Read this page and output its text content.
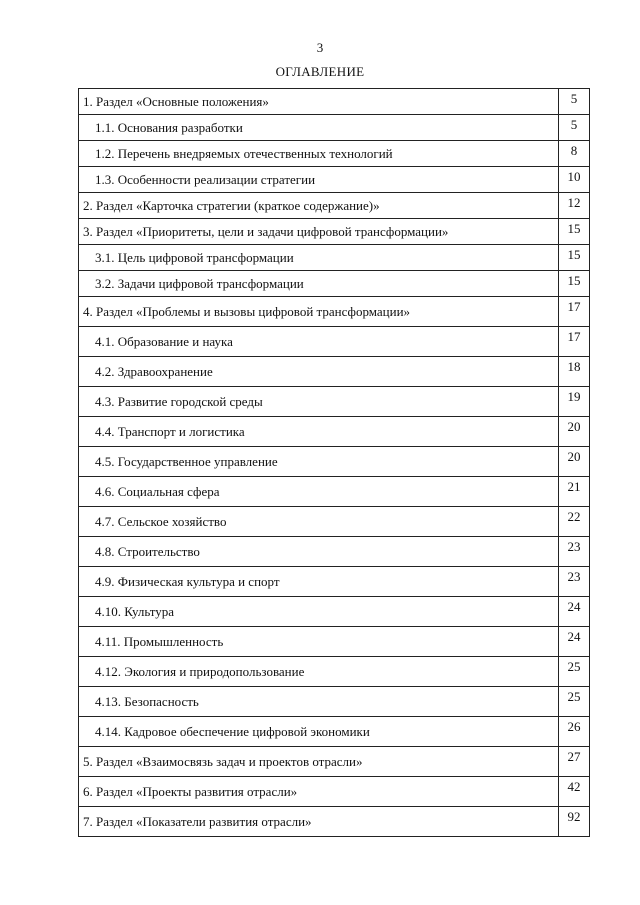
3
ОГЛАВЛЕНИЕ
1. Раздел «Основные положения»	5
1.1. Основания разработки	5
1.2. Перечень внедряемых отечественных технологий	8
1.3. Особенности реализации стратегии	10
2. Раздел «Карточка стратегии (краткое содержание)»	12
3. Раздел «Приоритеты, цели и задачи цифровой трансформации»	15
3.1. Цель цифровой трансформации	15
3.2. Задачи цифровой трансформации	15
4. Раздел «Проблемы и вызовы цифровой трансформации»	17
4.1. Образование и наука	17
4.2. Здравоохранение	18
4.3. Развитие городской среды	19
4.4. Транспорт и логистика	20
4.5. Государственное управление	20
4.6. Социальная сфера	21
4.7. Сельское хозяйство	22
4.8. Строительство	23
4.9. Физическая культура и спорт	23
4.10. Культура	24
4.11. Промышленность	24
4.12. Экология и природопользование	25
4.13. Безопасность	25
4.14. Кадровое обеспечение цифровой экономики	26
5. Раздел «Взаимосвязь задач и проектов отрасли»	27
6. Раздел «Проекты развития отрасли»	42
7. Раздел «Показатели развития отрасли»	92
